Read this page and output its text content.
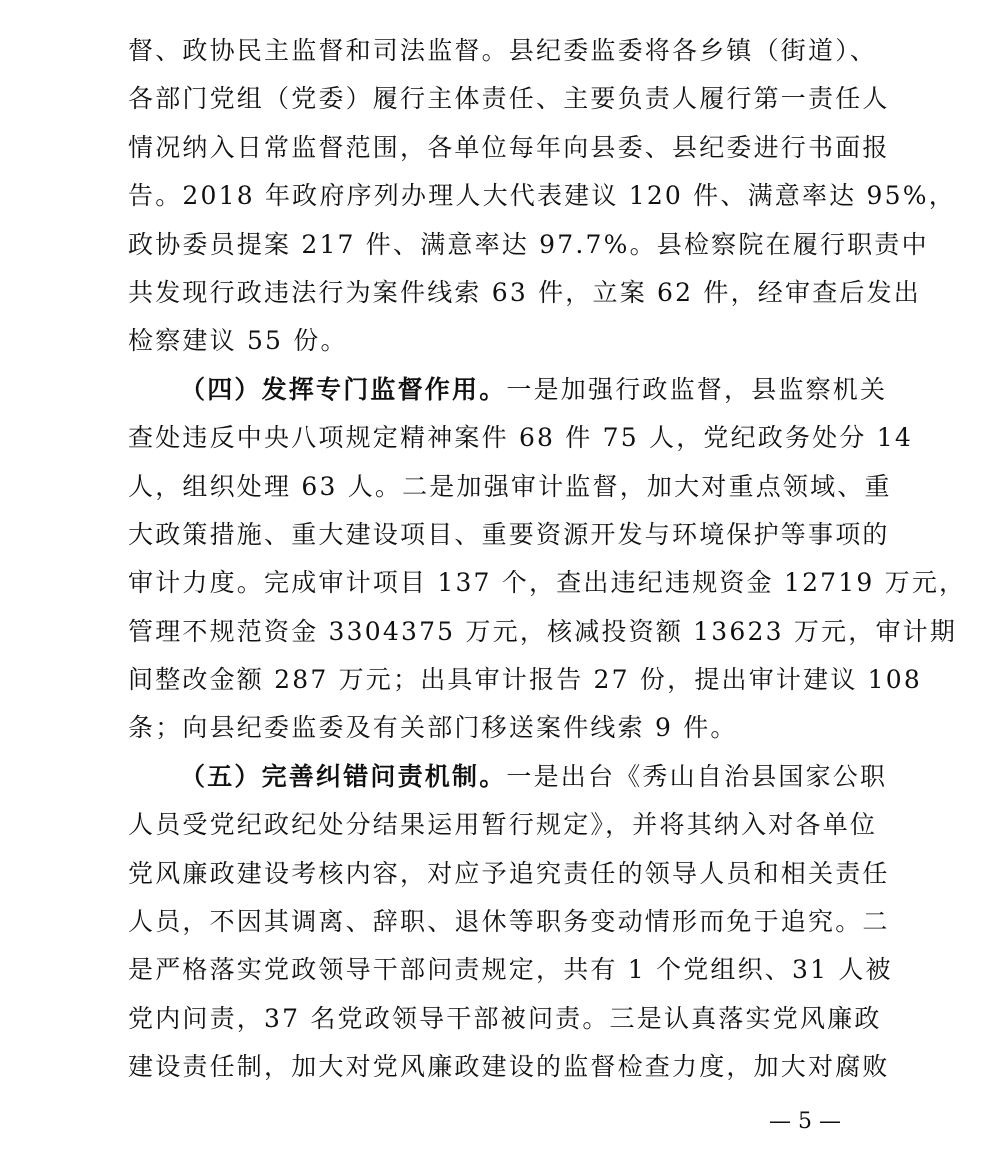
督、政协民主监督和司法监督。县纪委监委将各乡镇（街道）、
各部门党组（党委）履行主体责任、主要负责人履行第一责任人
情况纳入日常监督范围，各单位每年向县委、县纪委进行书面报
告。2018 年政府序列办理人大代表建议 120 件、满意率达 95%，
政协委员提案 217 件、满意率达 97.7%。县检察院在履行职责中
共发现行政违法行为案件线索 63 件，立案 62 件，经审查后发出
检察建议 55 份。
（四）发挥专门监督作用。一是加强行政监督，县监察机关
查处违反中央八项规定精神案件 68 件 75 人，党纪政务处分 14
人，组织处理 63 人。二是加强审计监督，加大对重点领域、重
大政策措施、重大建设项目、重要资源开发与环境保护等事项的
审计力度。完成审计项目 137 个，查出违纪违规资金 12719 万元，
管理不规范资金 3304375 万元，核减投资额 13623 万元，审计期
间整改金额 287 万元；出具审计报告 27 份，提出审计建议 108
条；向县纪委监委及有关部门移送案件线索 9 件。
（五）完善纠错问责机制。一是出台《秀山自治县国家公职
人员受党纪政纪处分结果运用暂行规定》，并将其纳入对各单位
党风廉政建设考核内容，对应予追究责任的领导人员和相关责任
人员，不因其调离、辞职、退休等职务变动情形而免于追究。二
是严格落实党政领导干部问责规定，共有 1 个党组织、31 人被
党内问责，37 名党政领导干部被问责。三是认真落实党风廉政
建设责任制，加大对党风廉政建设的监督检查力度，加大对腐败
— 5 —
